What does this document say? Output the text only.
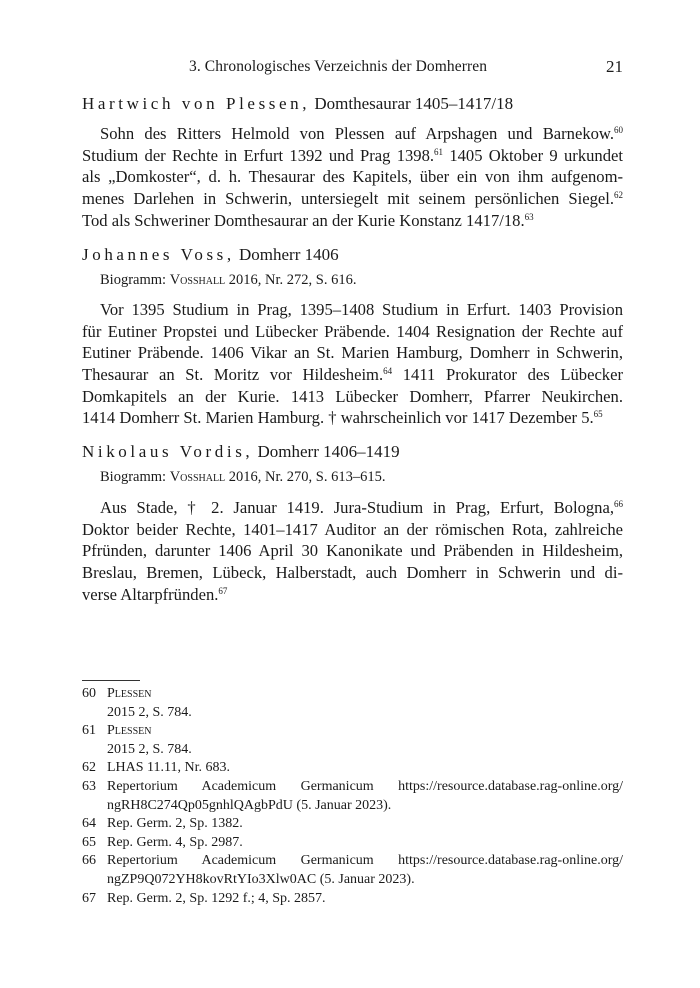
3. Chronologisches Verzeichnis der Domherren	21
Hartwich von Plessen, Domthesaurar 1405–1417/18
Sohn des Ritters Helmold von Plessen auf Arpshagen und Barnekow.$^{60}$
Studium der Rechte in Erfurt 1392 und Prag 1398.61 1405 Oktober 9 urkundet
als „Domkoster“, d. h. Thesaurar des Kapitels, über ein von ihm aufgenom-
menes Darlehen in Schwerin, untersiegelt mit seinem persönlichen Siegel.$^{62}$
Tod als Schweriner Domthesaurar an der Kurie Konstanz 1417/18.63
Johannes Voss, Domherr 1406
Biogramm: Vosshall 2016, Nr. 272, S. 616.
Vor 1395 Studium in Prag, 1395–1408 Studium in Erfurt. 1403 Provision
für Eutiner Propstei und Lübecker Präbende. 1404 Resignation der Rechte auf
Eutiner Präbende. 1406 Vikar an St. Marien Hamburg, Domherr in Schwerin,
Thesaurar an St. Moritz vor Hildesheim.$^{64}$ 1411 Prokurator des Lübecker
Domkapitels an der Kurie. 1413 Lübecker Domherr, Pfarrer Neukirchen.
1414 Domherr St. Marien Hamburg. † wahrscheinlich vor 1417 Dezember 5.65
Nikolaus Vordis, Domherr 1406–1419
Biogramm: Vosshall 2016, Nr. 270, S. 613–615.
Aus Stade, † 2. Januar 1419. Jura-Studium in Prag, Erfurt, Bologna,$^{66}$
Doktor beider Rechte, 1401–1417 Auditor an der römischen Rota, zahlreiche
Pfründen, darunter 1406 April 30 Kanonikate und Präbenden in Hildesheim,
Breslau, Bremen, Lübeck, Halberstadt, auch Domherr in Schwerin und di-
verse Altarpfründen.$^{67}$
60 Plessen
2015 2, S. 784.
61 Plessen
2015 2, S. 784.
62 LHAS 11.11, Nr. 683.
63 Repertorium Academicum Germanicum https://resource.database.rag-online.org/
ngRH8C274Qp05gnhlQAgbPdU (5. Januar 2023).
64 Rep. Germ. 2, Sp. 1382.
65 Rep. Germ. 4, Sp. 2987.
66 Repertorium Academicum Germanicum https://resource.database.rag-online.org/
ngZP9Q072YH8kovRtYIo3Xlw0AC (5. Januar 2023).
67 Rep. Germ. 2, Sp. 1292 f.; 4, Sp. 2857.
